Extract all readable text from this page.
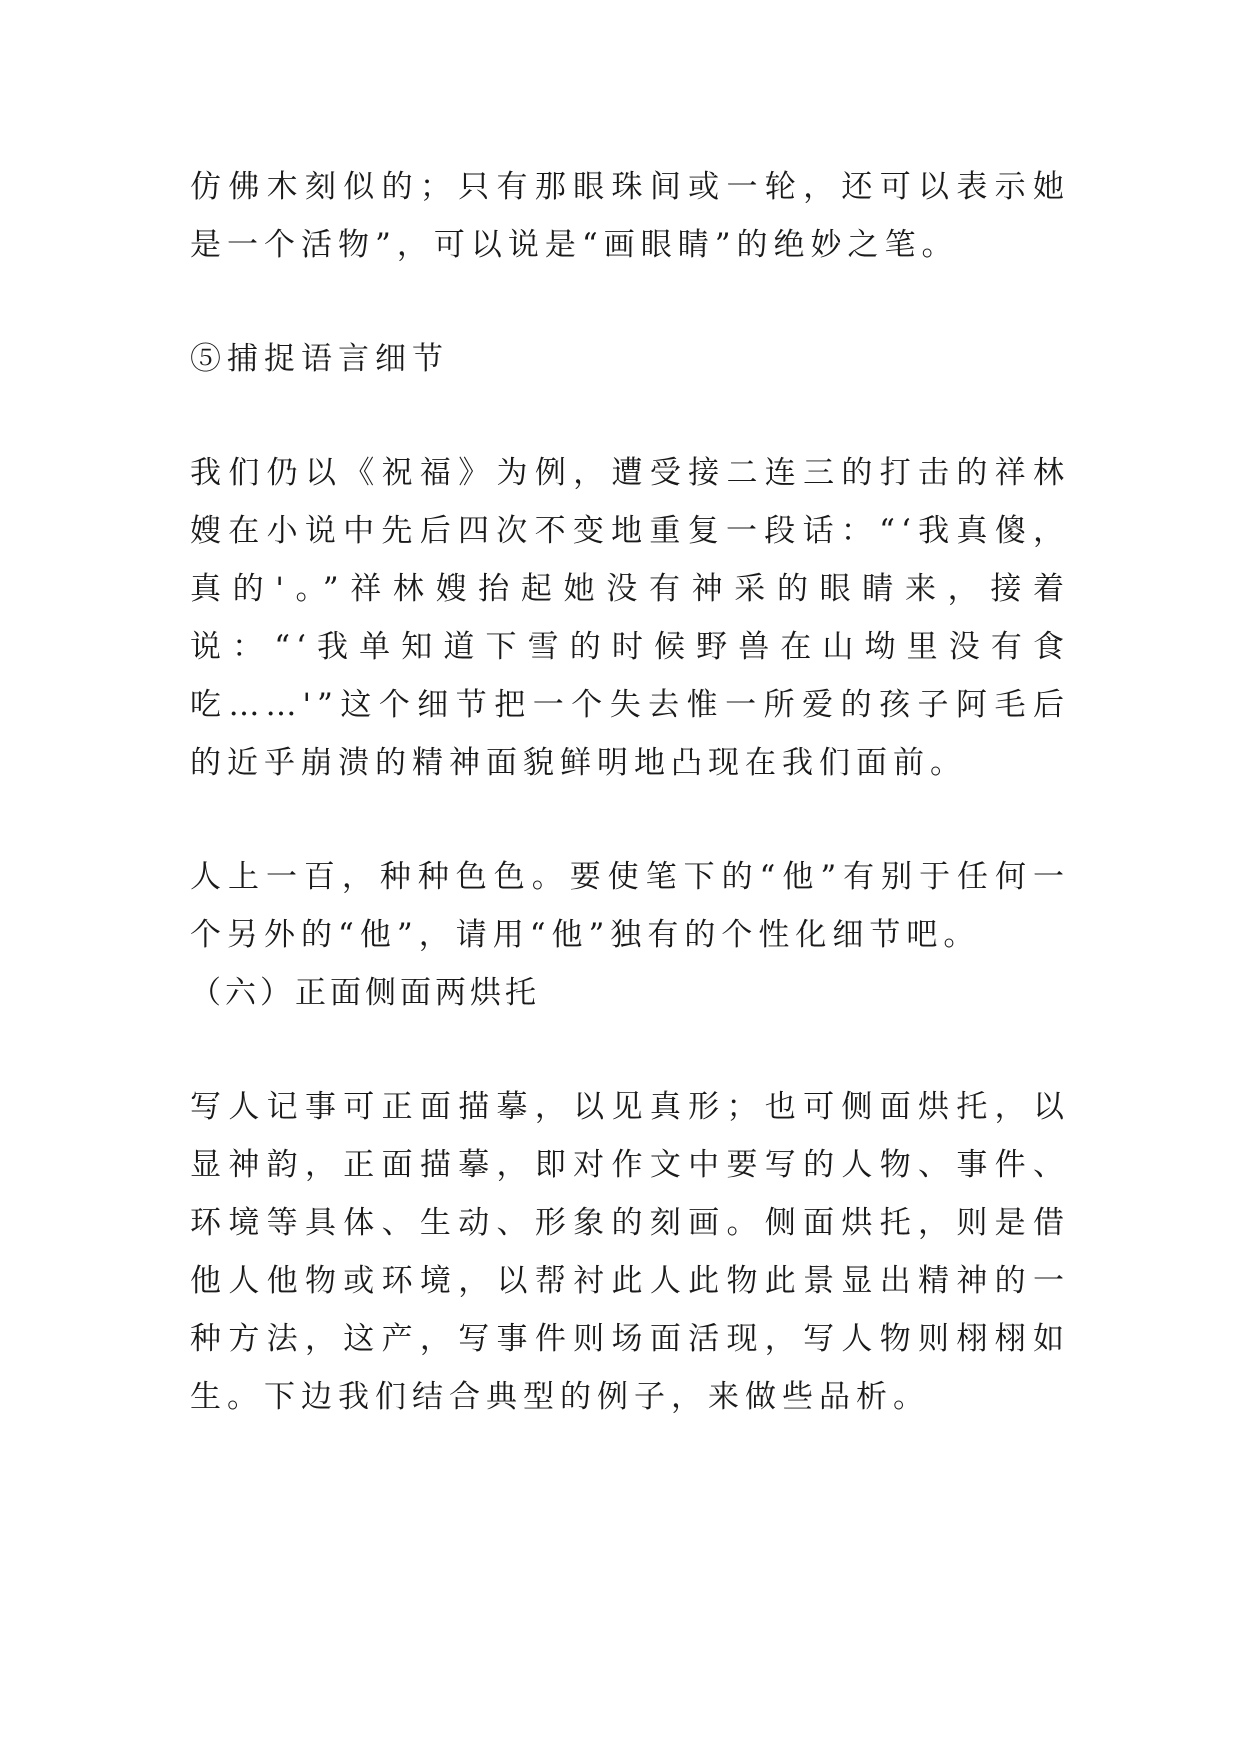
仿佛木刻似的；只有那眼珠间或一轮，还可以表示她是一个活物”，可以说是“画眼睛”的绝妙之笔。

⑤捕捉语言细节

我们仍以《祝福》为例，遭受接二连三的打击的祥林嫂在小说中先后四次不变地重复一段话：“‘我真傻，真的'。”祥林嫂抬起她没有神采的眼睛来，接着说：“‘我单知道下雪的时候野兽在山坳里没有食吃……'”这个细节把一个失去惟一所爱的孩子阿毛后的近乎崩溃的精神面貌鲜明地凸现在我们面前。

人上一百，种种色色。要使笔下的“他”有别于任何一个另外的“他”，请用“他”独有的个性化细节吧。

（六）正面侧面两烘托

写人记事可正面描摹，以见真形；也可侧面烘托，以显神韵，正面描摹，即对作文中要写的人物、事件、环境等具体、生动、形象的刻画。侧面烘托，则是借他人他物或环境，以帮衬此人此物此景显出精神的一种方法，这产，写事件则场面活现，写人物则栩栩如生。下边我们结合典型的例子，来做些品析。
